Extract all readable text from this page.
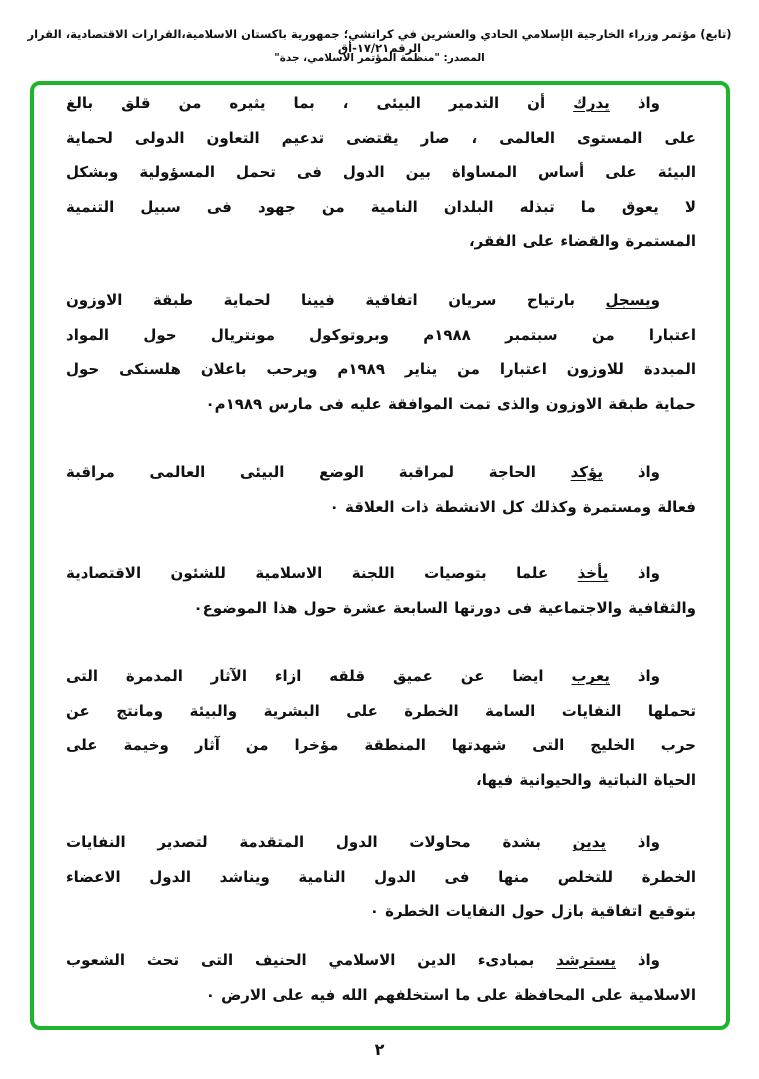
(تابع) مؤتمر وزراء الخارجية الإسلامي الحادي والعشرين في كراتشي؛ جمهورية باكستان الاسلامية،القرارات الاقتصادية، القرار الرقم١٧/٢١-أق
المصدر: "منظمة المؤتمر الاسلامي، جدة"
واذ يدرك أن التدمير البيئى ، بما يثيره من قلق بالغ
على المستوى العالمى ، صار يقتضى تدعيم التعاون الدولى لحماية
البيئة على أساس المساواة بين الدول فى تحمل المسؤولية وبشكل
لا يعوق ما تبذله البلدان النامية من جهود فى سبيل التنمية
المستمرة والقضاء على الفقر،
ويسجل بارتياح سريان اتفاقية فيينا لحماية طبقة الاوزون
اعتبارا من سبتمبر ١٩٨٨م وبروتوكول مونتريال حول المواد
المبددة للاوزون اعتبارا من يناير ١٩٨٩م ويرحب باعلان هلسنكى حول
حماية طبقة الاوزون والذى تمت الموافقة عليه فى مارس ١٩٨٩م٠
واذ يؤكد الحاجة لمراقبة الوضع البيئى العالمى مراقبة
فعالة ومستمرة وكذلك كل الانشطة ذات العلاقة ٠
واذ يأخذ علما بتوصيات اللجنة الاسلامية للشئون الاقتصادية
والثقافية والاجتماعية فى دورتها السابعة عشرة حول هذا الموضوع٠
واذ يعرب ايضا عن عميق قلقه ازاء الآثار المدمرة التى
تحملها النفايات السامة الخطرة على البشرية والبيئة ومانتج عن
حرب الخليج التى شهدتها المنطقة مؤخرا من آثار وخيمة على
الحياة النباتية والحيوانية فيها،
واذ يدين بشدة محاولات الدول المتقدمة لتصدير النفايات
الخطرة للتخلص منها فى الدول النامية ويناشد الدول الاعضاء
بتوقيع اتفاقية بازل حول النفايات الخطرة ٠
واذ يسترشد بمبادىء الدين الاسلامي الحنيف التى تحث الشعوب
الاسلامية على المحافظة على ما استخلفهم الله فيه على الارض ٠
٢
